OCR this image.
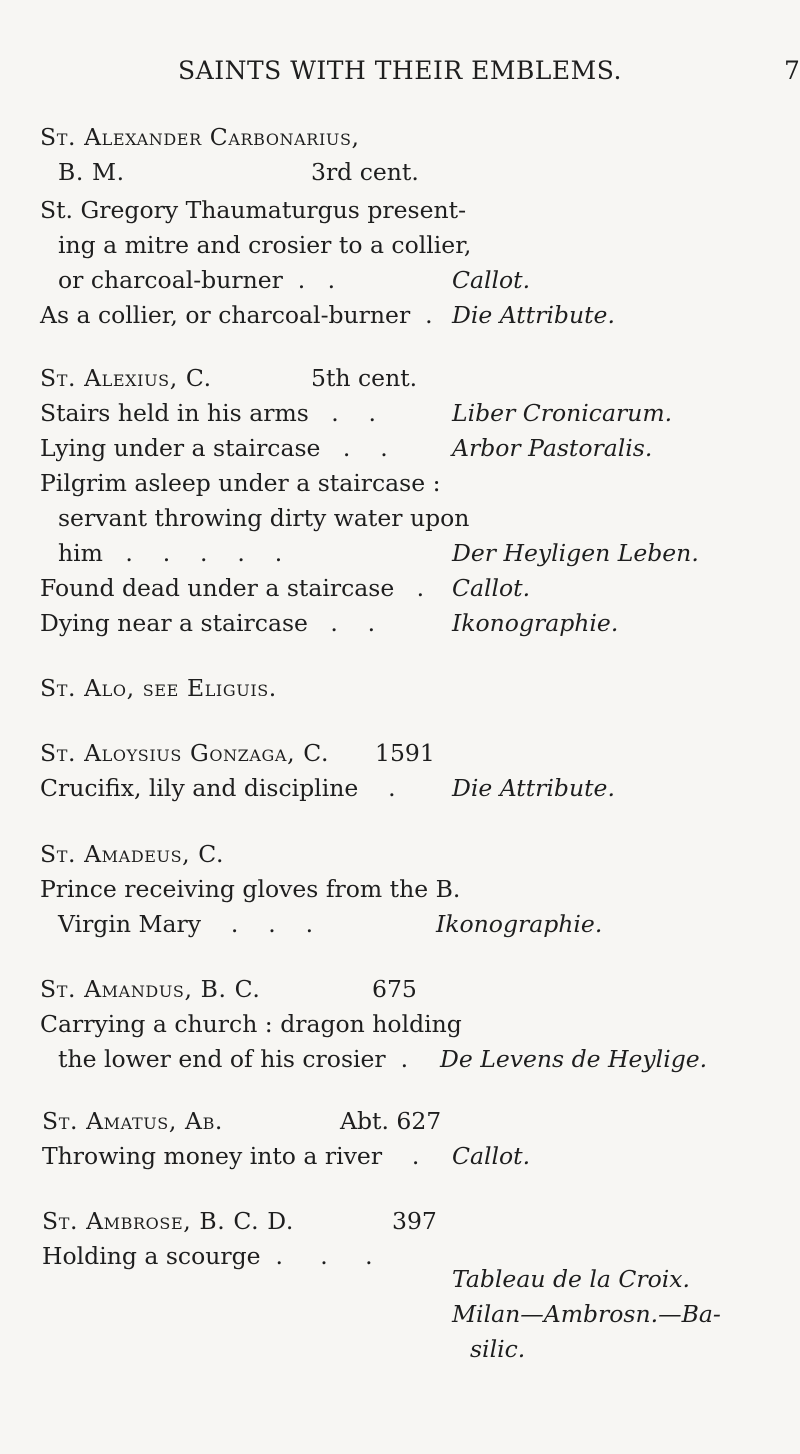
SAINTS WITH THEIR EMBLEMS.	7
St. Alexander Carbonarius,
B. M.	3rd cent.
St. Gregory Thaumaturgus present-
ing a mitre and crosier to a collier,
or charcoal-burner  .   .	Callot.
As a collier, or charcoal-burner  . Die Attribute.
St. Alexius, C.	5th cent.
Stairs held in his arms   .    .	Liber Cronicarum.
Lying under a staircase   .    .	Arbor Pastoralis.
Pilgrim asleep under a staircase :
servant throwing dirty water upon
him   .    .    .    .    .	Der Heyligen Leben.
Found dead under a staircase   . Callot.
Dying near a staircase   .    .	Ikonographie.
St. Alo, see Eliguis.
St. Aloysius Gonzaga, C. 1591
Crucifix, lily and discipline    . Die Attribute.
St. Amadeus, C.
Prince receiving gloves from the B.
Virgin Mary    .    .    .	Ikonographie.
St. Amandus, B. C.	675
Carrying a church : dragon holding
the lower end of his crosier  . De Levens de Heylige.
St. Amatus, Ab.	Abt. 627
Throwing money into a river    . Callot.
St. Ambrose, B. C. D.	397
Holding a scourge  .     .     .
Tableau de la Croix.
Milan—Ambrosn.—Ba-
silic.
